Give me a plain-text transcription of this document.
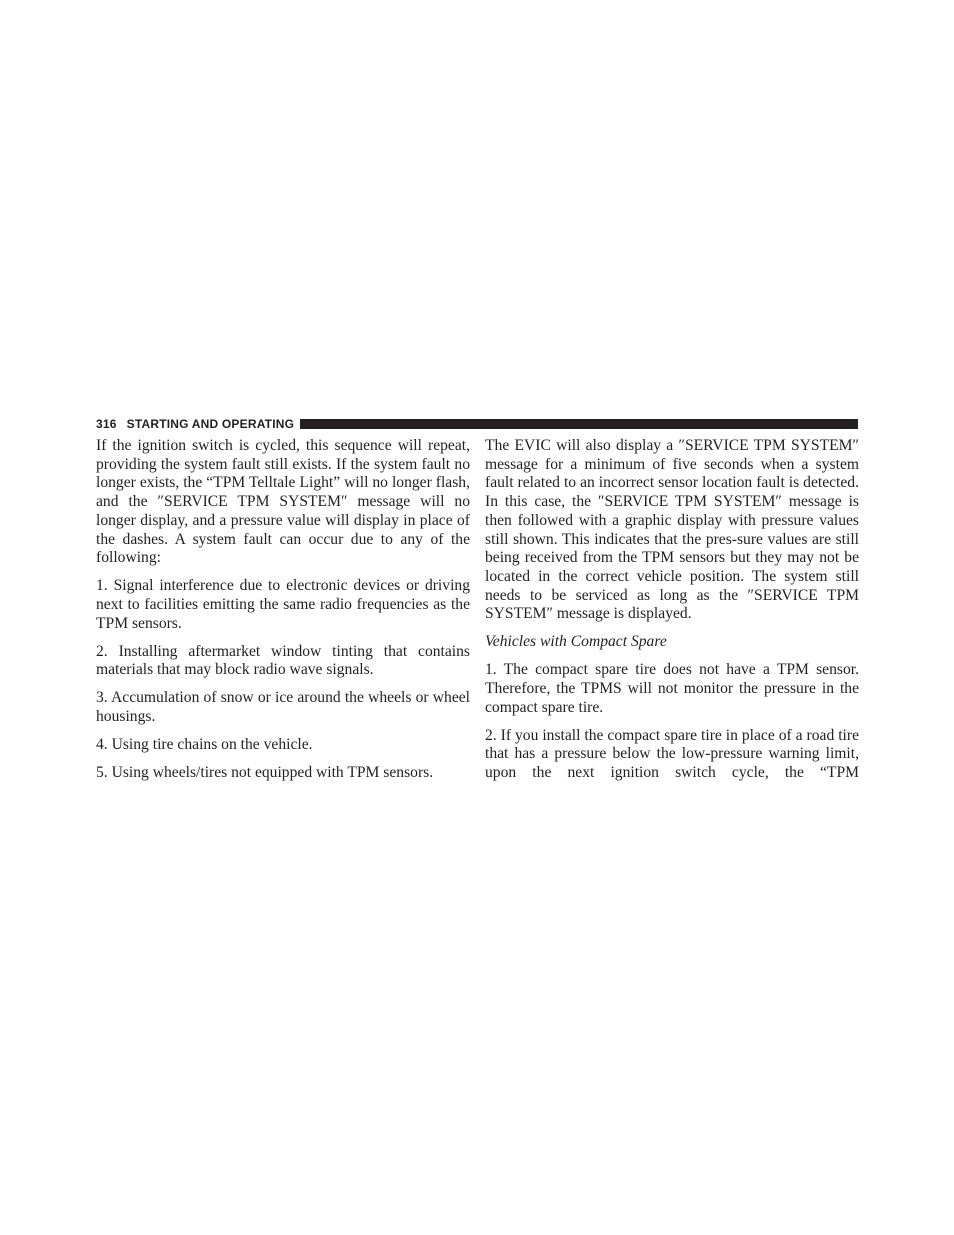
316 STARTING AND OPERATING

If the ignition switch is cycled, this sequence will repeat, providing the system fault still exists. If the system fault no longer exists, the “TPM Telltale Light” will no longer flash, and the ″SERVICE TPM SYSTEM″ message will no longer display, and a pressure value will display in place of the dashes. A system fault can occur due to any of the following:

1. Signal interference due to electronic devices or driving next to facilities emitting the same radio frequencies as the TPM sensors.

2. Installing aftermarket window tinting that contains materials that may block radio wave signals.

3. Accumulation of snow or ice around the wheels or wheel housings.

4. Using tire chains on the vehicle.

5. Using wheels/tires not equipped with TPM sensors.

The EVIC will also display a ″SERVICE TPM SYSTEM″ message for a minimum of five seconds when a system fault related to an incorrect sensor location fault is detected. In this case, the ″SERVICE TPM SYSTEM″ message is then followed with a graphic display with pressure values still shown. This indicates that the pres-sure values are still being received from the TPM sensors but they may not be located in the correct vehicle position. The system still needs to be serviced as long as the ″SERVICE TPM SYSTEM″ message is displayed.

Vehicles with Compact Spare

1. The compact spare tire does not have a TPM sensor. Therefore, the TPMS will not monitor the pressure in the compact spare tire.

2. If you install the compact spare tire in place of a road tire that has a pressure below the low-pressure warning limit, upon the next ignition switch cycle, the “TPM
